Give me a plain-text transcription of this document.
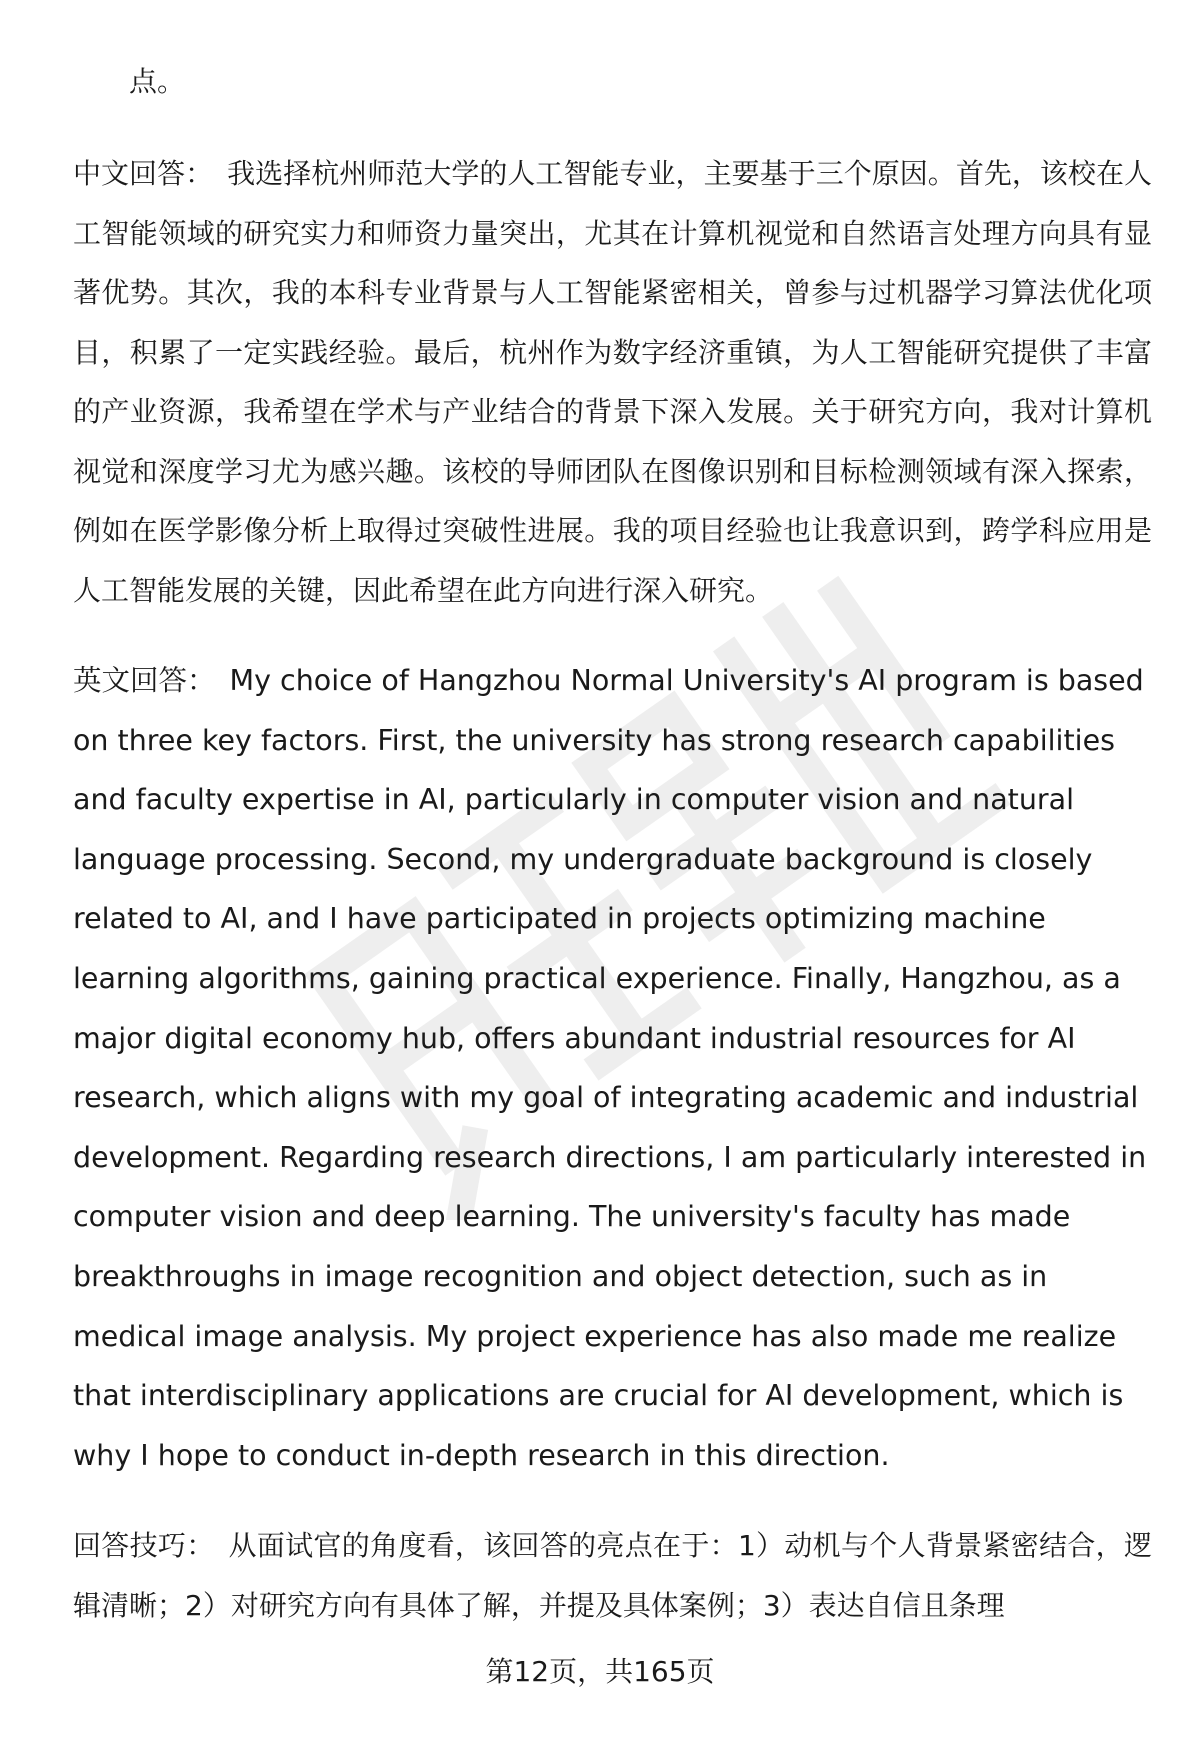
点。

中文回答： 我选择杭州师范大学的人工智能专业，主要基于三个原因。首先，该校在人工智能领域的研究实力和师资力量突出，尤其在计算机视觉和自然语言处理方向具有显著优势。其次，我的本科专业背景与人工智能紧密相关，曾参与过机器学习算法优化项目，积累了一定实践经验。最后，杭州作为数字经济重镇，为人工智能研究提供了丰富的产业资源，我希望在学术与产业结合的背景下深入发展。关于研究方向，我对计算机视觉和深度学习尤为感兴趣。该校的导师团队在图像识别和目标检测领域有深入探索，例如在医学影像分析上取得过突破性进展。我的项目经验也让我意识到，跨学科应用是人工智能发展的关键，因此希望在此方向进行深入研究。

英文回答： My choice of Hangzhou Normal University's AI program is based on three key factors. First, the university has strong research capabilities and faculty expertise in AI, particularly in computer vision and natural language processing. Second, my undergraduate background is closely related to AI, and I have participated in projects optimizing machine learning algorithms, gaining practical experience. Finally, Hangzhou, as a major digital economy hub, offers abundant industrial resources for AI research, which aligns with my goal of integrating academic and industrial development. Regarding research directions, I am particularly interested in computer vision and deep learning. The university's faculty has made breakthroughs in image recognition and object detection, such as in medical image analysis. My project experience has also made me realize that interdisciplinary applications are crucial for AI development, which is why I hope to conduct in-depth research in this direction.

回答技巧： 从面试官的角度看，该回答的亮点在于：1）动机与个人背景紧密结合，逻辑清晰；2）对研究方向有具体了解，并提及具体案例；3）表达自信且条理

第12页，共165页
